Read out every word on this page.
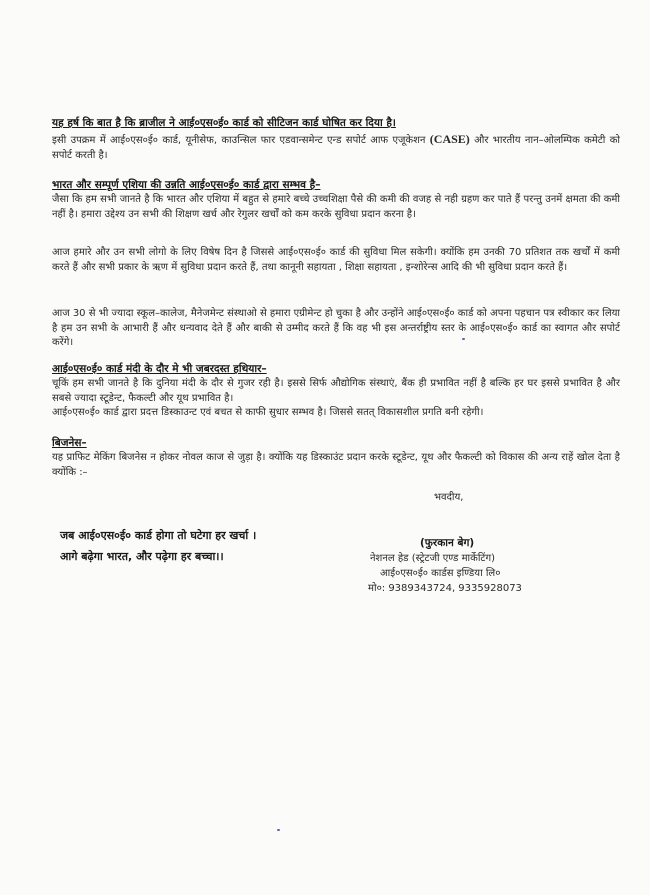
यह हर्ष कि बात है कि ब्राजील ने आई०एस०ई० कार्ड को सीटिजन कार्ड घोषित कर दिया है।
इसी उपक्रम में आई०एस०ई० कार्ड, यूनीसेफ, काउन्सिल फार एडवान्समेन्ट एन्ड सपोर्ट आफ एजूकेशन (CASE) और भारतीय नान–ओलम्पिक कमेटी को सपोर्ट करती है।
भारत और सम्पूर्ण एशिया की उन्नति आई०एस०ई० कार्ड द्वारा सम्भव है–
जैसा कि हम सभी जानते है कि भारत और एशिया में बहुत से हमारे बच्चे उच्चशिक्षा पैसे की कमी की वजह से नही ग्रहण कर पाते हैं परन्तु उनमें क्षमता की कमी नहीं है। हमारा उद्देश्य उन सभी की शिक्षण खर्च और रेगुलर खर्चों को कम करके सुविधा प्रदान करना है।
आज हमारे और उन सभी लोगो के लिए विषेष दिन है जिससे आई०एस०ई० कार्ड की सुविधा मिल सकेगी। क्योंकि हम उनकी 70 प्रतिशत तक खर्चों में कमी करते हैं और सभी प्रकार के ऋण में सुविधा प्रदान करते हैं, तथा कानूनी सहायता , शिक्षा सहायता , इन्शोरेन्स आदि की भी सुविधा प्रदान करते हैं।
आज 30 से भी ज्यादा स्कूल–कालेज, मैनेजमेन्ट संस्थाओ से हमारा एग्रीमेन्ट हो चुका है और उन्होंने आई०एस०ई० कार्ड को अपना पहचान पत्र स्वीकार कर लिया है हम उन सभी के आभारी हैं और धन्यवाद देते हैं और बाकी से उम्मीद करते हैं कि वह भी इस अन्तर्राष्ट्रीय स्तर के आई०एस०ई० कार्ड का स्वागत और सपोर्ट करेंगे।
आई०एस०ई० कार्ड मंदी के दौर मे भी जबरदस्त हथियार–
चूकिं हम सभी जानते है कि दुनिया मंदी के दौर से गुजर रही है। इससे सिर्फ औद्योगिक संस्थाएं, बैंक ही प्रभावित नहीं है बल्कि हर घर इससे प्रभावित है और सबसे ज्यादा स्टूडेन्ट, फैकल्टी और यूथ प्रभावित है।
आई०एस०ई० कार्ड द्वारा प्रदत्त डिस्काउन्ट एवं बचत से काफी सुधार सम्भव है। जिससे सतत् विकासशील प्रगति बनी रहेगी।
बिजनेस–
यह प्राफिट मेकिंग बिजनेस न होकर नोवल काज से जुड़ा है। क्योंकि यह डिस्काउंट प्रदान करके स्टूडेन्ट, यूथ और फैकल्टी को विकास की अन्य राहें खोल देता है क्योंकि :–
भवदीय,
जब आई०एस०ई० कार्ड होगा तो घटेगा हर खर्चा ।
आगे बढ़ेगा भारत, और पढ़ेगा हर बच्चा।।
(फुरकान बेग)
नेशनल हेड (स्ट्रेटजी एण्ड मार्केटिंग)
आई०एस०ई० कार्डस इण्डिया लि०
मो०: 9389343724, 9335928073
